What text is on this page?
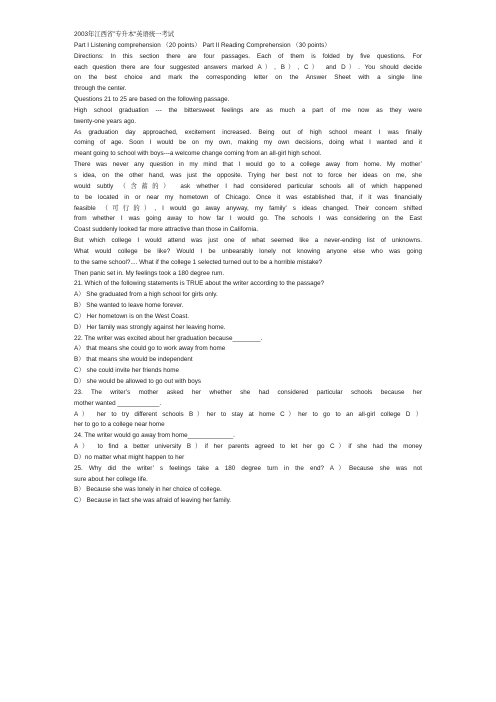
2003年江西省”专升本“英语统一考试
Part I Listening comprehension （20 points） Part II Reading Comprehension （30 points）
Directions: In this section there are four passages. Each of them is folded by five questions. For
each question there are four suggested answers marked A）, B）, C） and D）. You should decide
on the best choice and mark the corresponding letter on the Answer Sheet with a single line
through the center.
Questions 21 to 25 are based on the following passage.
High school graduation --- the bittersweet feelings are as much a part of me now as they were
twenty-one years ago.
As graduation day approached, excitement increased. Being out of high school meant I was finally
coming of age. Soon I would be on my own, making my own decisions, doing what I wanted and it
meant going to school with boys---a welcome change coming from an all-girl high school.
There was never any question in my mind that I would go to a college away from home. My mother’
s idea, on the other hand, was just the opposite. Trying her best not to force her ideas on me, she
would subtly （含蓄的） ask whether I had considered particular schools all of which happened
to be located in or near my hometown of Chicago. Once it was established that, if it was financially
feasible （可行的）, I would go away anyway, my family’ s ideas changed. Their concern shifted
from whether I was going away to how far I would go. The schools I was considering on the East
Coast suddenly looked far more attractive than those in California.
But which college I would attend was just one of what seemed like a never-ending list of unknowns.
What would college be like? Would I be unbearably lonely not knowing anyone else who was going
to the same school?.... What if the college 1 selected turned out to be a horrible mistake?
Then panic set in. My feelings took a 180 degree rum.
21. Which of the following statements is TRUE about the writer according to the passage?
A） She graduated from a high school for girls only.
B） She wanted to leave home forever.
C） Her hometown is on the West Coast.
D） Her family was strongly against her leaving home.
22. The writer was excited about her graduation because________.
A） that means she could go to work away from home
B） that means she would be independent
C） she could invite her friends home
D） she would be allowed to go out with boys
23. The writer’s mother asked her whether she had considered particular schools because her
mother wanted ____________.
A） her to try different schools B）her to stay at home C）her to go to an all-girl college D ）
her to go to a college near home
24. The writer would go away from home_____________.
A） to find a better university B）if her parents agreed to let her go C）if she had the money
D）no matter what might happen to her
25. Why did the writer’ s feelings take a 180 degree turn in the end? A）Because she was not
sure about her college life.
B） Because she was lonely in her choice of college.
C） Because in fact she was afraid of leaving her family.
